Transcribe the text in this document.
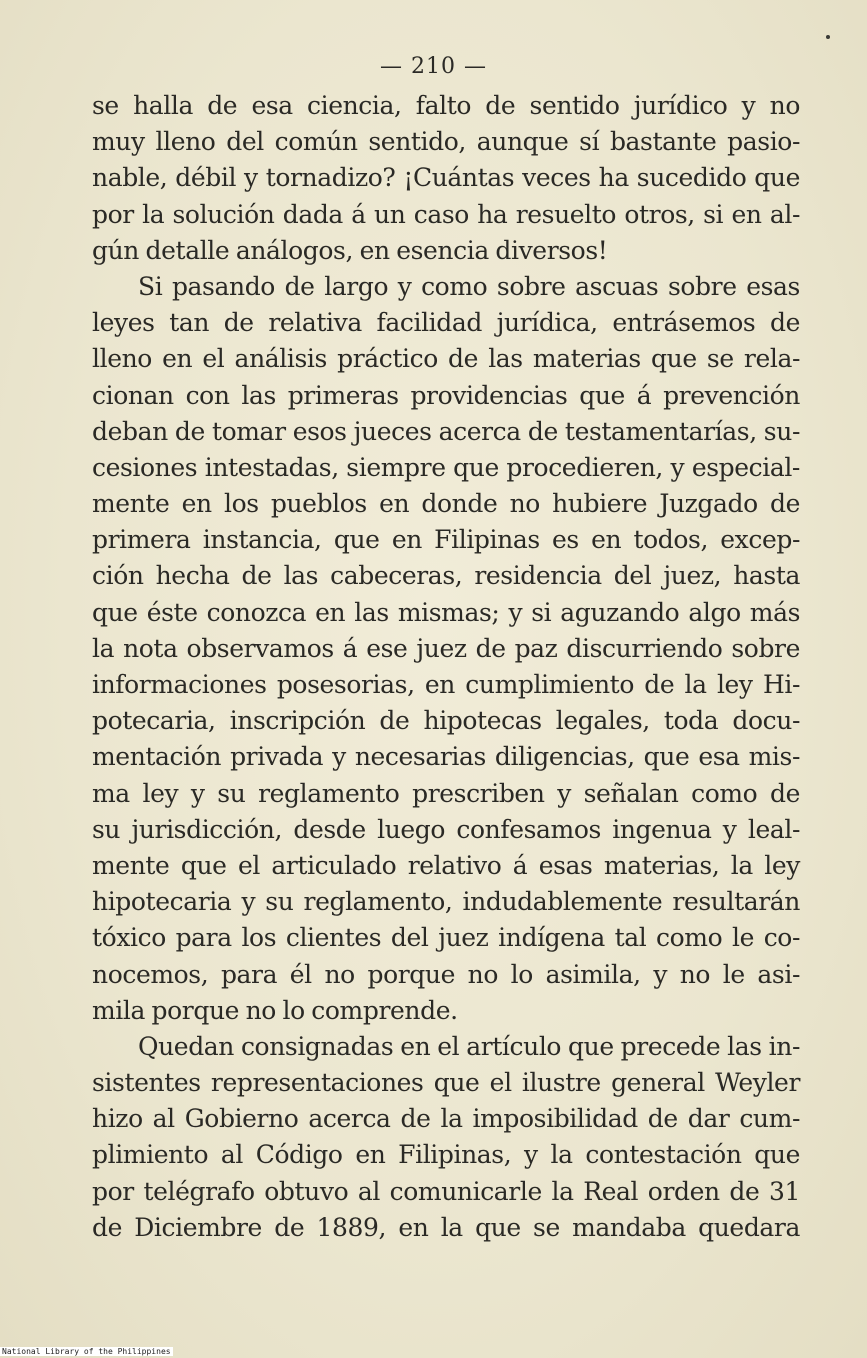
— 210 —
se halla de esa ciencia, falto de sentido jurídico y no
muy lleno del común sentido, aunque sí bastante pasio-
nable, débil y tornadizo? ¡Cuántas veces ha sucedido que
por la solución dada á un caso ha resuelto otros, si en al-
gún detalle análogos, en esencia diversos!
Si pasando de largo y como sobre ascuas sobre esas
leyes tan de relativa facilidad jurídica, entrásemos de
lleno en el análisis práctico de las materias que se rela-
cionan con las primeras providencias que á prevención
deban de tomar esos jueces acerca de testamentarías, su-
cesiones intestadas, siempre que procedieren, y especial-
mente en los pueblos en donde no hubiere Juzgado de
primera instancia, que en Filipinas es en todos, excep-
ción hecha de las cabeceras, residencia del juez, hasta
que éste conozca en las mismas; y si aguzando algo más
la nota observamos á ese juez de paz discurriendo sobre
informaciones posesorias, en cumplimiento de la ley Hi-
potecaria, inscripción de hipotecas legales, toda docu-
mentación privada y necesarias diligencias, que esa mis-
ma ley y su reglamento prescriben y señalan como de
su jurisdicción, desde luego confesamos ingenua y leal-
mente que el articulado relativo á esas materias, la ley
hipotecaria y su reglamento, indudablemente resultarán
tóxico para los clientes del juez indígena tal como le co-
nocemos, para él no porque no lo asimila, y no le asi-
mila porque no lo comprende.
Quedan consignadas en el artículo que precede las in-
sistentes representaciones que el ilustre general Weyler
hizo al Gobierno acerca de la imposibilidad de dar cum-
plimiento al Código en Filipinas, y la contestación que
por telégrafo obtuvo al comunicarle la Real orden de 31
de Diciembre de 1889, en la que se mandaba quedara
National Library of the Philippines
